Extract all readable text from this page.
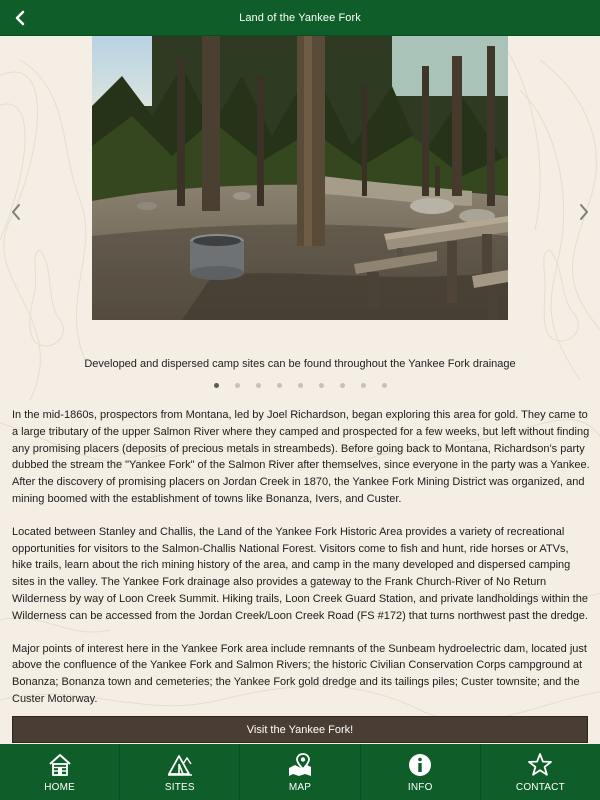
Land of the Yankee Fork
Developed and dispersed camp sites can be found throughout the Yankee Fork drainage

In the mid-1860s, prospectors from Montana, led by Joel Richardson, began exploring this area for gold. They came to a large tributary of the upper Salmon River where they camped and prospected for a few weeks, but left without finding any promising placers (deposits of precious metals in streambeds). Before going back to Montana, Richardson’s party dubbed the stream the "Yankee Fork" of the Salmon River after themselves, since everyone in the party was a Yankee. After the discovery of promising placers on Jordan Creek in 1870, the Yankee Fork Mining District was organized, and mining boomed with the establishment of towns like Bonanza, Ivers, and Custer.

Located between Stanley and Challis, the Land of the Yankee Fork Historic Area provides a variety of recreational opportunities for visitors to the Salmon-Challis National Forest. Visitors come to fish and hunt, ride horses or ATVs, hike trails, learn about the rich mining history of the area, and camp in the many developed and dispersed camping sites in the valley. The Yankee Fork drainage also provides a gateway to the Frank Church-River of No Return Wilderness by way of Loon Creek Summit. Hiking trails, Loon Creek Guard Station, and private landholdings within the Wilderness can be accessed from the Jordan Creek/Loon Creek Road (FS #172) that turns northwest past the dredge.

Major points of interest here in the Yankee Fork area include remnants of the Sunbeam hydroelectric dam, located just above the confluence of the Yankee Fork and Salmon Rivers; the historic Civilian Conservation Corps campground at Bonanza; Bonanza town and cemeteries; the Yankee Fork gold dredge and its tailings piles; Custer townsite; and the Custer Motorway.

Visit the Yankee Fork!
HOME	SITES	MAP	INFO	CONTACT
